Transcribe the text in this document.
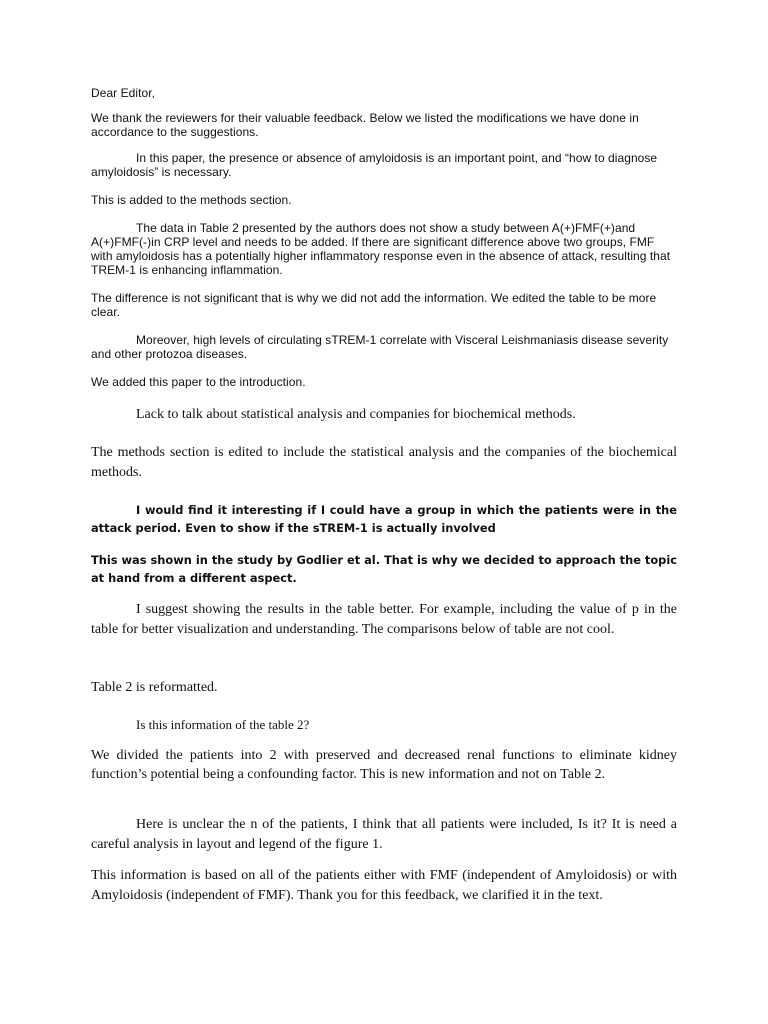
Dear Editor,

We thank the reviewers for their valuable feedback. Below we listed the modifications we have done in accordance to the suggestions.

In this paper, the presence or absence of amyloidosis is an important point, and “how to diagnose amyloidosis” is necessary.

This is added to the methods section.

The data in Table 2 presented by the authors does not show a study between A(+)FMF(+)and A(+)FMF(-)in CRP level and needs to be added. If there are significant difference above two groups, FMF with amyloidosis has a potentially higher inflammatory response even in the absence of attack, resulting that TREM-1 is enhancing inflammation.

The difference is not significant that is why we did not add the information. We edited the table to be more clear.

Moreover, high levels of circulating sTREM-1 correlate with Visceral Leishmaniasis disease severity and other protozoa diseases.

We added this paper to the introduction.

Lack to talk about statistical analysis and companies for biochemical methods.

The methods section is edited to include the statistical analysis and the companies of the biochemical methods.

I would find it interesting if I could have a group in which the patients were in the attack period. Even to show if the sTREM-1 is actually involved

This was shown in the study by Godlier et al. That is why we decided to approach the topic at hand from a different aspect.

I suggest showing the results in the table better. For example, including the value of p in the table for better visualization and understanding. The comparisons below of table are not cool.

Table 2 is reformatted.

Is this information of the table 2?

We divided the patients into 2 with preserved and decreased renal functions to eliminate kidney function’s potential being a confounding factor. This is new information and not on Table 2.

Here is unclear the n of the patients, I think that all patients were included, Is it? It is need a careful analysis in layout and legend of the figure 1.

This information is based on all of the patients either with FMF (independent of Amyloidosis) or with Amyloidosis (independent of FMF). Thank you for this feedback, we clarified it in the text.
